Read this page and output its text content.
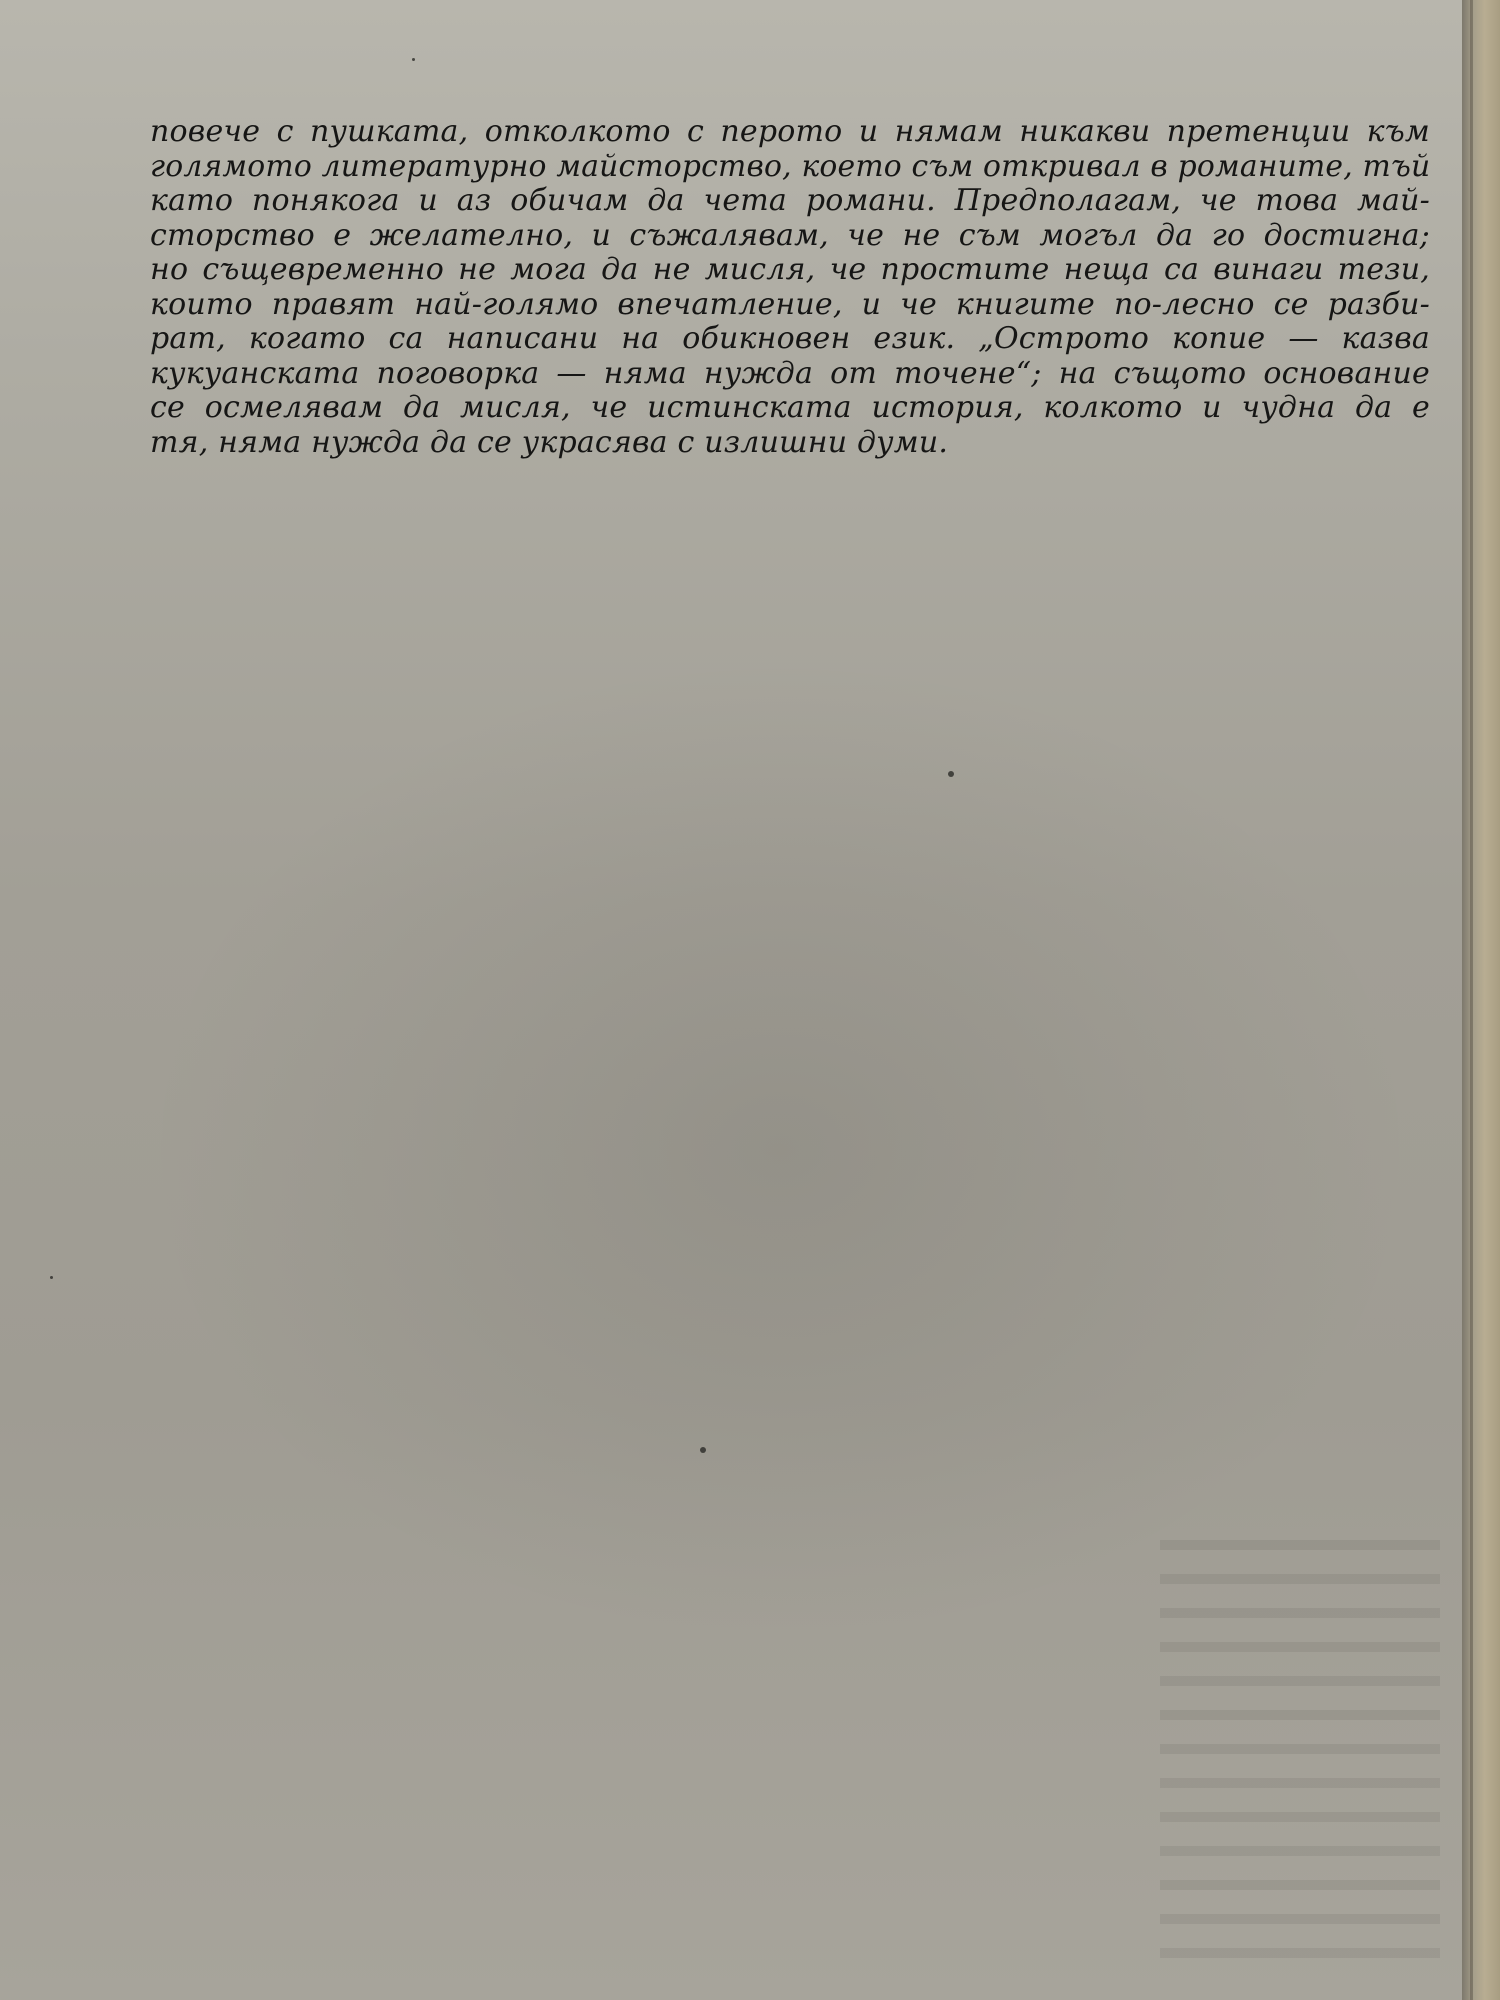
повече с пушката, отколкото с перото и нямам никакви претенции към
голямото литературно майсторство, което съм откривал в романите, тъй
като понякога и аз обичам да чета романи. Предполагам, че това май-
сторство е желателно, и съжалявам, че не съм могъл да го достигна;
но същевременно не мога да не мисля, че простите неща са винаги тези,
които правят най-голямо впечатление, и че книгите по-лесно се разби-
рат, когато са написани на обикновен език. „Острото копие — казва
кукуанската поговорка — няма нужда от точене“; на същото основание
се осмелявам да мисля, че истинската история, колкото и чудна да е
тя, няма нужда да се украсява с излишни думи.
